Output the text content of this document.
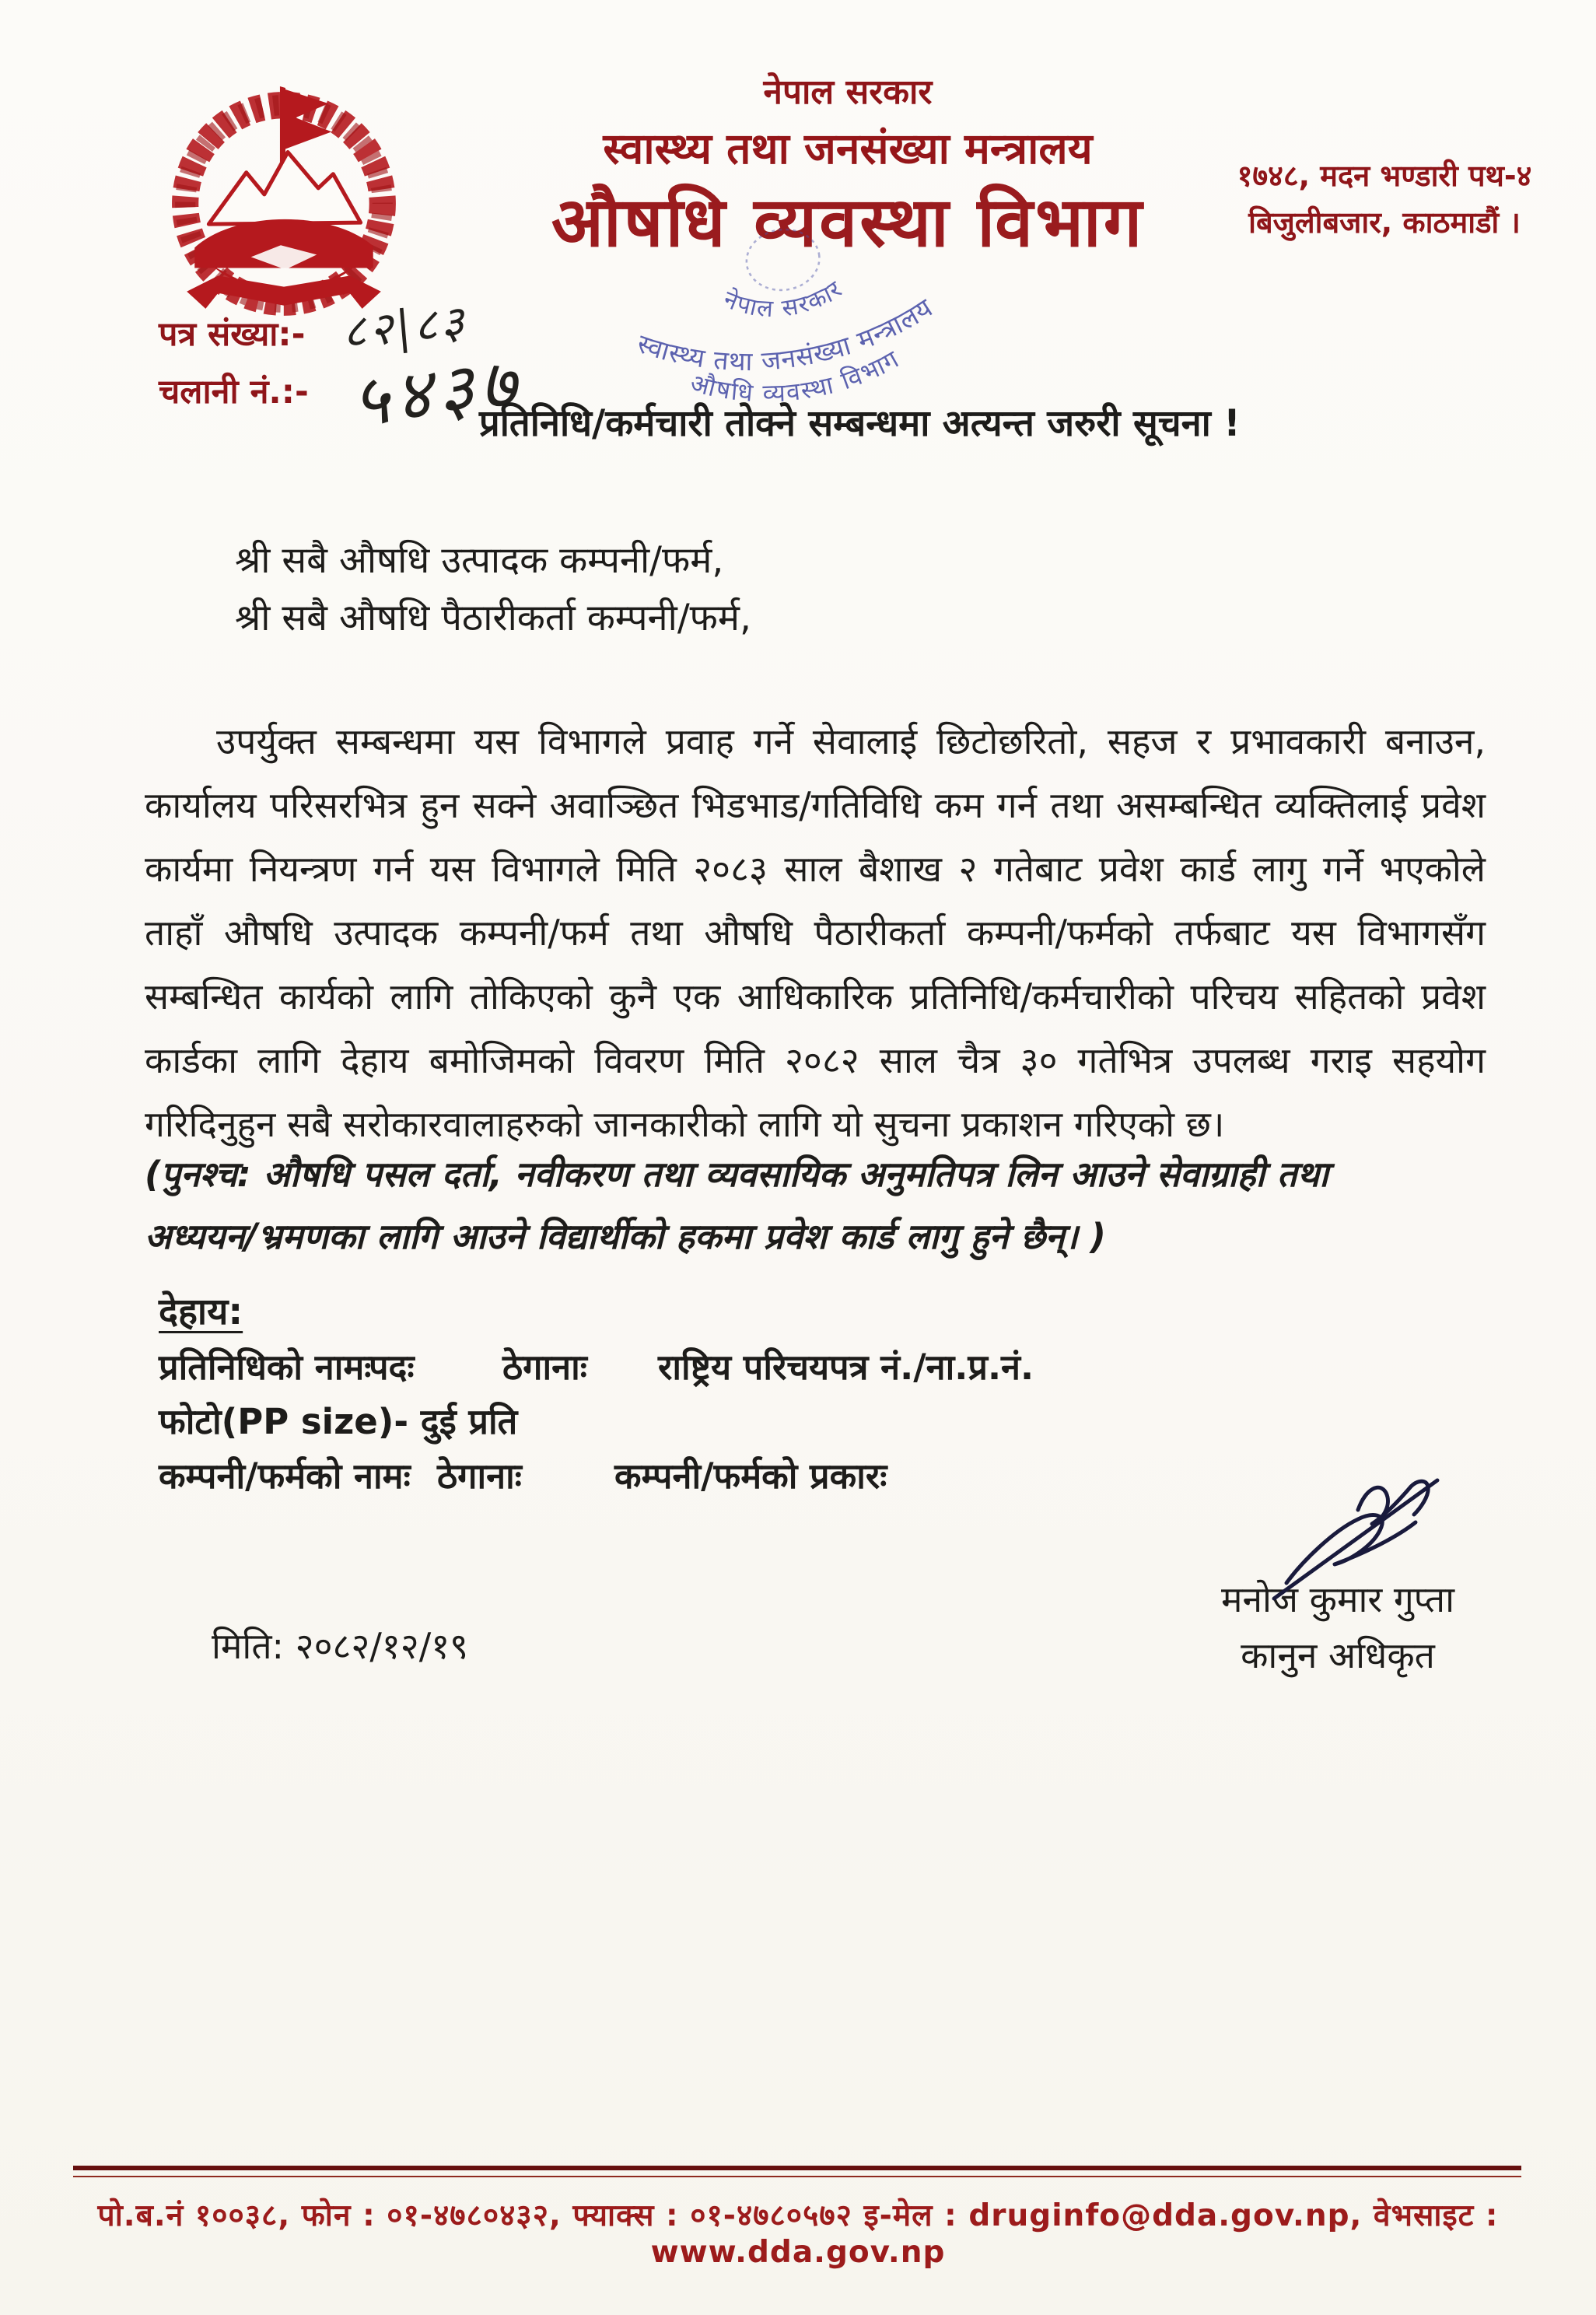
नेपाल सरकार
स्वास्थ्य तथा जनसंख्या मन्त्रालय
औषधि व्यवस्था विभाग
१७४८, मदन भण्डारी पथ-४
बिजुलीबजार, काठमाडौं ।
नेपाल सरकार
स्वास्थ्य तथा जनसंख्या मन्त्रालय
औषधि व्यवस्था विभाग
पत्र संख्या:- ८२|८३
चलानी नं.:- ५४३७
प्रतिनिधि/कर्मचारी तोक्ने सम्बन्धमा अत्यन्त जरुरी सूचना !
श्री सबै औषधि उत्पादक कम्पनी/फर्म,
श्री सबै औषधि पैठारीकर्ता कम्पनी/फर्म,
उपर्युक्त सम्बन्धमा यस विभागले प्रवाह गर्ने सेवालाई छिटोछरितो, सहज र प्रभावकारी बनाउन,
कार्यालय परिसरभित्र हुन सक्ने अवाञ्छित भिडभाड/गतिविधि कम गर्न तथा असम्बन्धित व्यक्तिलाई प्रवेश
कार्यमा नियन्त्रण गर्न यस विभागले मिति २०८३ साल बैशाख २ गतेबाट प्रवेश कार्ड लागु गर्ने भएकोले
ताहाँ औषधि उत्पादक कम्पनी/फर्म तथा औषधि पैठारीकर्ता कम्पनी/फर्मको तर्फबाट यस विभागसँग
सम्बन्धित कार्यको लागि तोकिएको कुनै एक आधिकारिक प्रतिनिधि/कर्मचारीको परिचय सहितको प्रवेश
कार्डका लागि देहाय बमोजिमको विवरण मिति २०८२ साल चैत्र ३० गतेभित्र उपलब्ध गराइ सहयोग
गरिदिनुहुन सबै सरोकारवालाहरुको जानकारीको लागि यो सुचना प्रकाशन गरिएको छ।
(पुनश्च: औषधि पसल दर्ता, नवीकरण तथा व्यवसायिक अनुमतिपत्र लिन आउने सेवाग्राही तथा
अध्ययन/भ्रमणका लागि आउने विद्यार्थीको हकमा प्रवेश कार्ड लागु हुने छैन्। )
देहाय:
प्रतिनिधिको नामः
पदः	ठेगानाः राष्ट्रिय परिचयपत्र नं./ना.प्र.नं.
फोटो(PP size)- दुई प्रति
कम्पनी/फर्मको नामः ठेगानाः	कम्पनी/फर्मको प्रकारः
मनोज कुमार गुप्ता
कानुन अधिकृत
मिति: २०८२/१२/१९
पो.ब.नं १००३८, फोन : ०१-४७८०४३२, फ्याक्स : ०१-४७८०५७२ इ-मेल : druginfo@dda.gov.np, वेभसाइट : www.dda.gov.np
